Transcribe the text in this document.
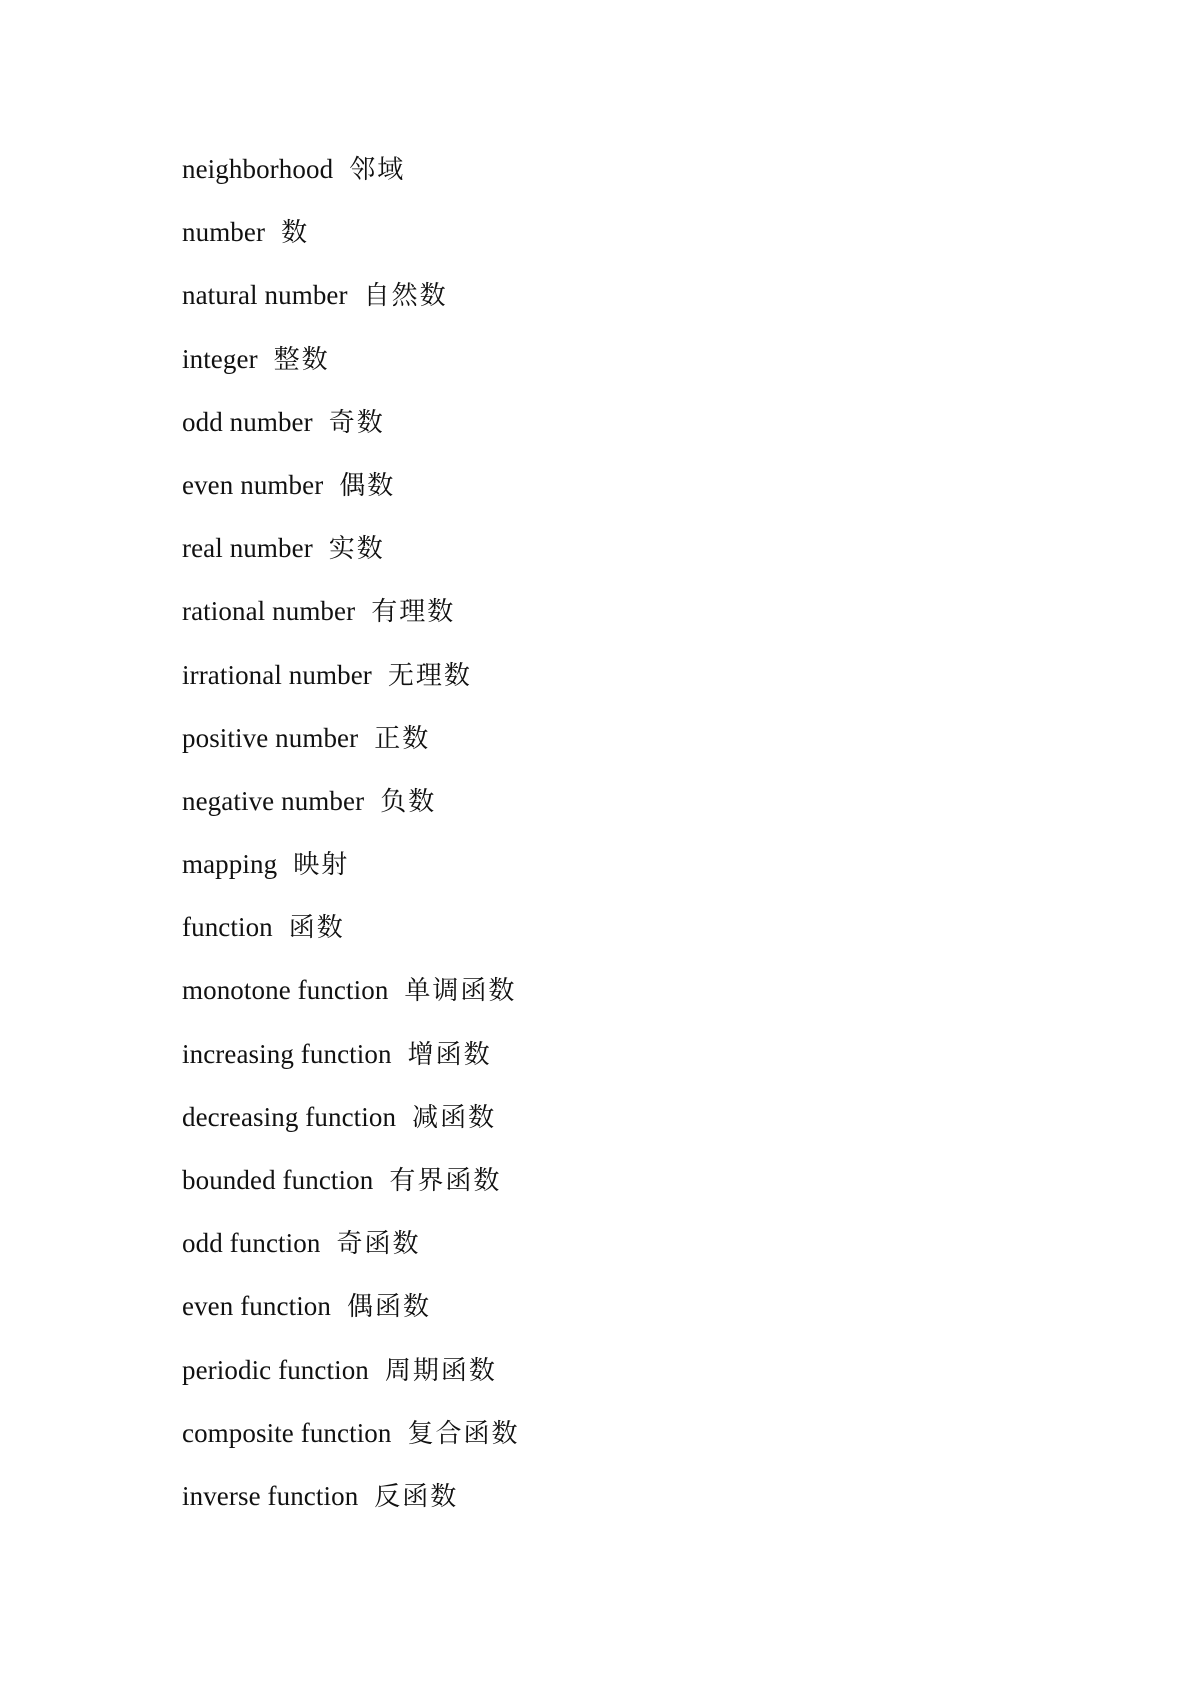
neighborhood 邻域
number 数
natural number 自然数
integer 整数
odd number 奇数
even number 偶数
real number 实数
rational number 有理数
irrational number 无理数
positive number 正数
negative number 负数
mapping 映射
function 函数
monotone function 单调函数
increasing function 增函数
decreasing function 减函数
bounded function 有界函数
odd function 奇函数
even function 偶函数
periodic function 周期函数
composite function 复合函数
inverse function 反函数
